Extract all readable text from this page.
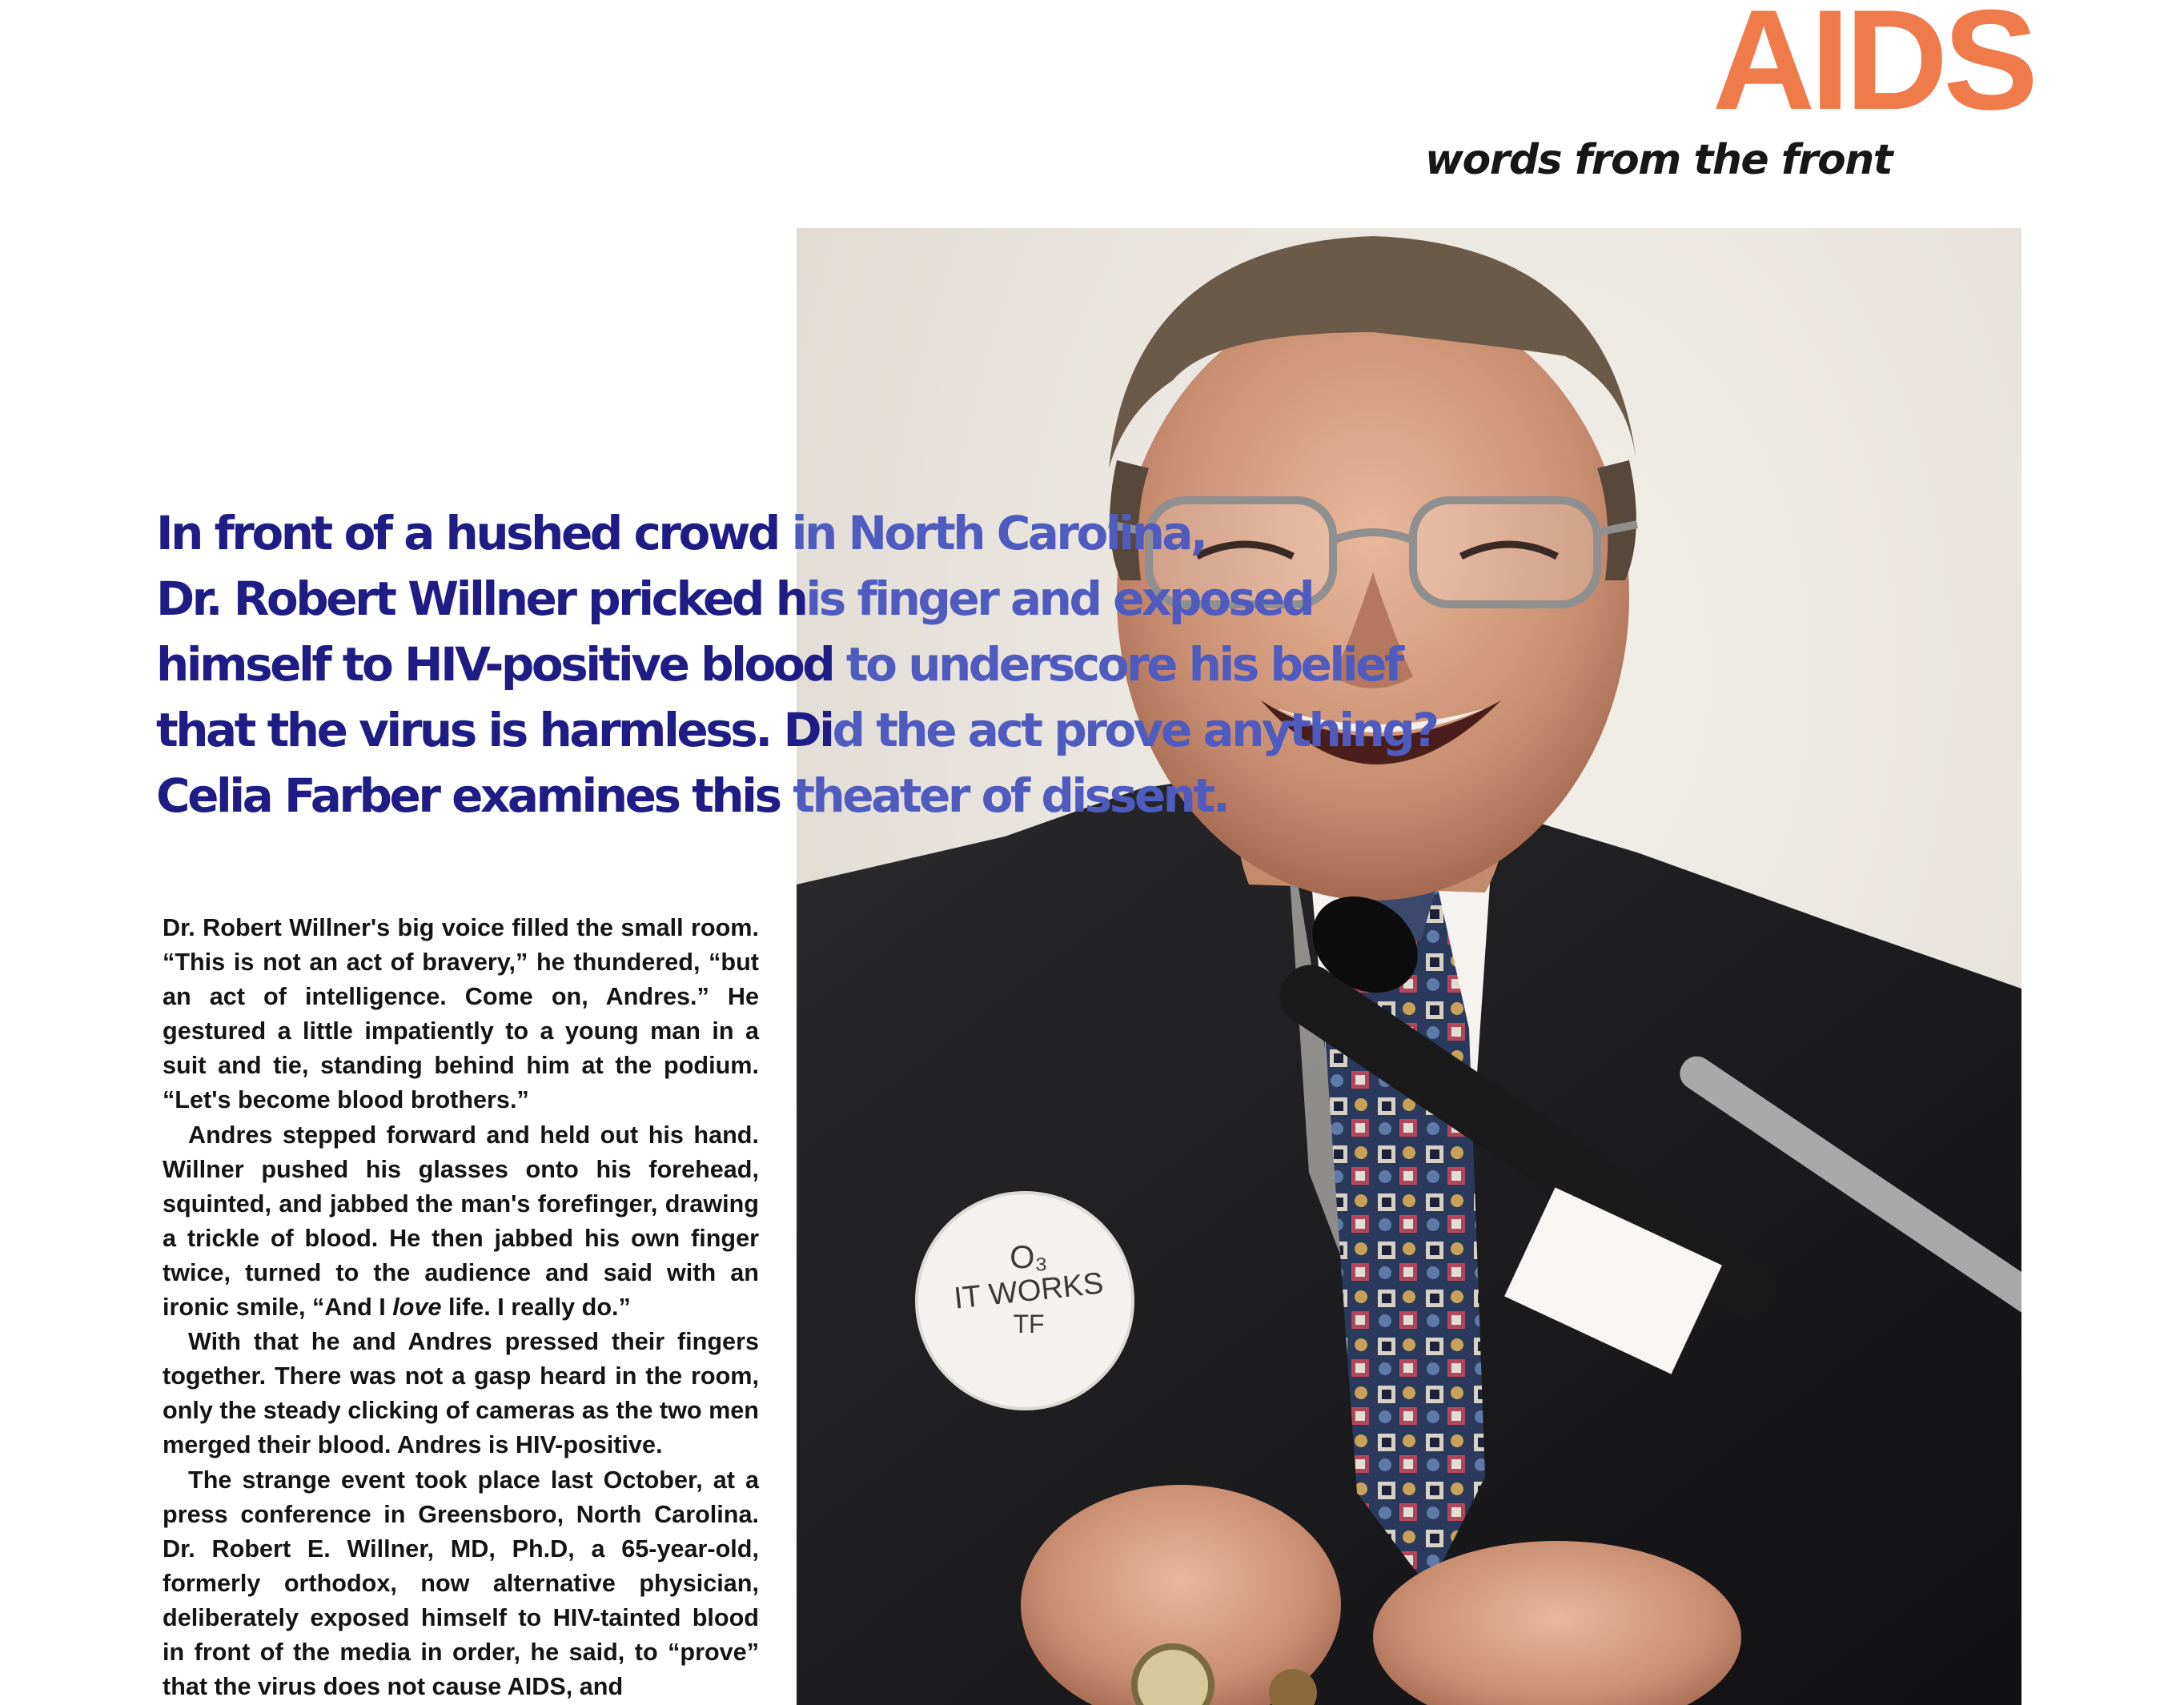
AIDS
words from the front
O₃
IT WORKS
TF
In front of a hushed crowd in North Carolina,
Dr. Robert Willner pricked his finger and exposed
himself to HIV-positive blood to underscore his belief
that the virus is harmless. Did the act prove anything?
Celia Farber examines this theater of dissent.

Dr. Robert Willner's big voice filled the small room. “This is not an act of bravery,” he thundered, “but an act of intelligence. Come on, Andres.” He gestured a little impatiently to a young man in a suit and tie, standing behind him at the podium. “Let's become blood brothers.”

Andres stepped forward and held out his hand. Willner pushed his glasses onto his forehead, squinted, and jabbed the man's forefinger, drawing a trickle of blood. He then jabbed his own finger twice, turned to the audience and said with an ironic smile, “And I love life. I really do.”

With that he and Andres pressed their fingers together. There was not a gasp heard in the room, only the steady clicking of cameras as the two men merged their blood. Andres is HIV-positive.

The strange event took place last October, at a press conference in Greensboro, North Carolina. Dr. Robert E. Willner, MD, Ph.D, a 65-year-old, formerly orthodox, now alternative physician, deliberately exposed himself to HIV-tainted blood in front of the media in order, he said, to “prove” that the virus does not cause AIDS, and
